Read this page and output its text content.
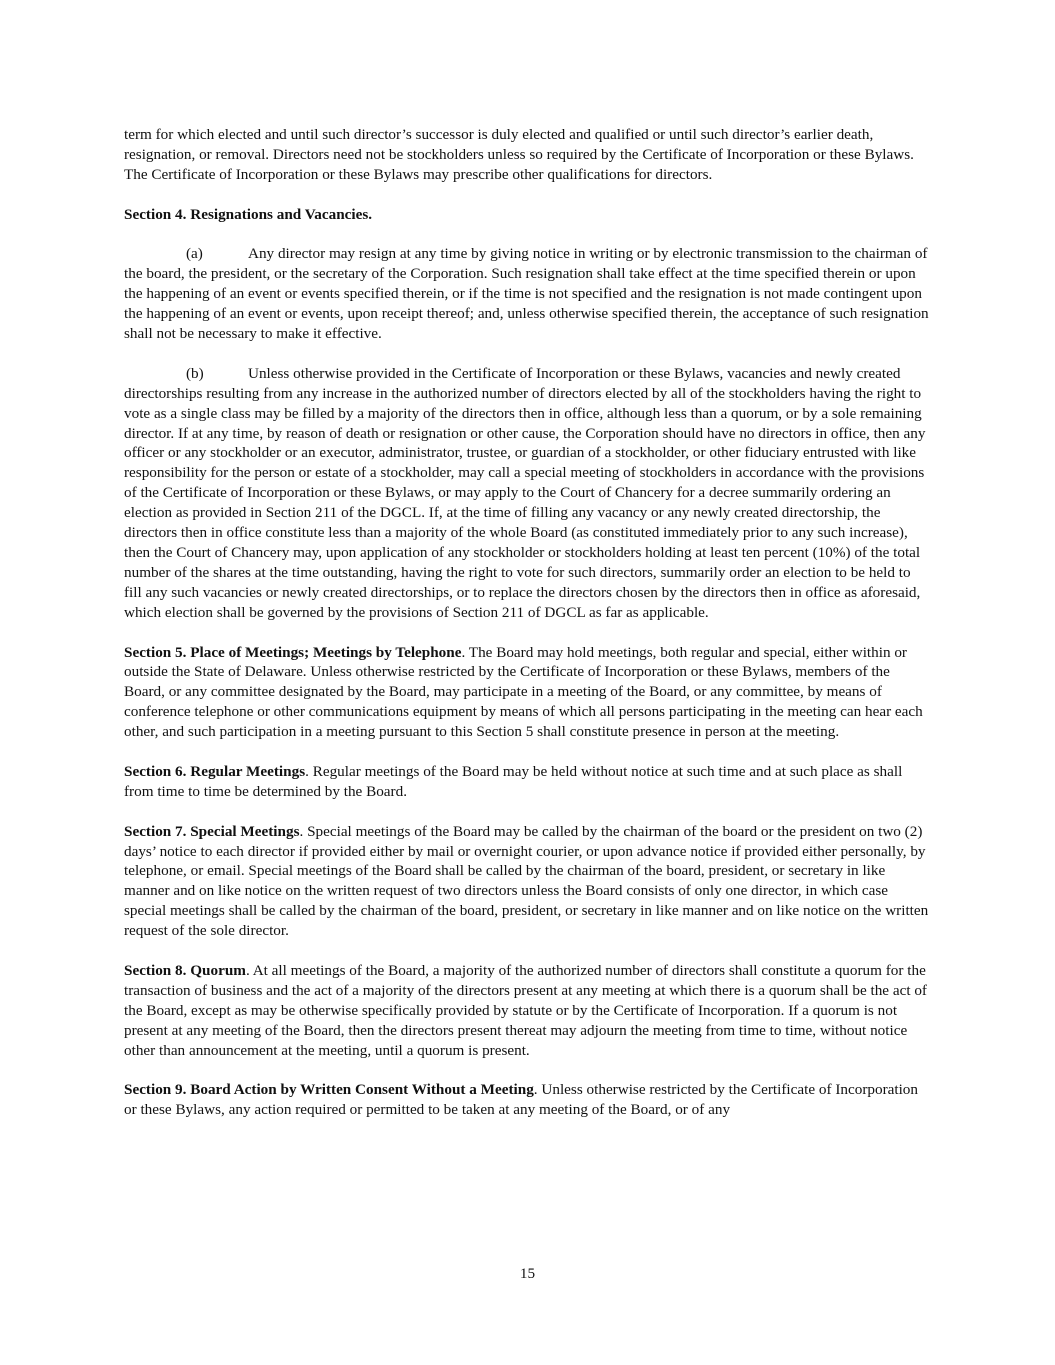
term for which elected and until such director’s successor is duly elected and qualified or until such director’s earlier death, resignation, or removal. Directors need not be stockholders unless so required by the Certificate of Incorporation or these Bylaws. The Certificate of Incorporation or these Bylaws may prescribe other qualifications for directors.

Section 4. Resignations and Vacancies.

(a)	Any director may resign at any time by giving notice in writing or by electronic transmission to the chairman of the board, the president, or the secretary of the Corporation. Such resignation shall take effect at the time specified therein or upon the happening of an event or events specified therein, or if the time is not specified and the resignation is not made contingent upon the happening of an event or events, upon receipt thereof; and, unless otherwise specified therein, the acceptance of such resignation shall not be necessary to make it effective.

(b)	Unless otherwise provided in the Certificate of Incorporation or these Bylaws, vacancies and newly created directorships resulting from any increase in the authorized number of directors elected by all of the stockholders having the right to vote as a single class may be filled by a majority of the directors then in office, although less than a quorum, or by a sole remaining director. If at any time, by reason of death or resignation or other cause, the Corporation should have no directors in office, then any officer or any stockholder or an executor, administrator, trustee, or guardian of a stockholder, or other fiduciary entrusted with like responsibility for the person or estate of a stockholder, may call a special meeting of stockholders in accordance with the provisions of the Certificate of Incorporation or these Bylaws, or may apply to the Court of Chancery for a decree summarily ordering an election as provided in Section 211 of the DGCL. If, at the time of filling any vacancy or any newly created directorship, the directors then in office constitute less than a majority of the whole Board (as constituted immediately prior to any such increase), then the Court of Chancery may, upon application of any stockholder or stockholders holding at least ten percent (10%) of the total number of the shares at the time outstanding, having the right to vote for such directors, summarily order an election to be held to fill any such vacancies or newly created directorships, or to replace the directors chosen by the directors then in office as aforesaid, which election shall be governed by the provisions of Section 211 of DGCL as far as applicable.

Section 5. Place of Meetings; Meetings by Telephone. The Board may hold meetings, both regular and special, either within or outside the State of Delaware. Unless otherwise restricted by the Certificate of Incorporation or these Bylaws, members of the Board, or any committee designated by the Board, may participate in a meeting of the Board, or any committee, by means of conference telephone or other communications equipment by means of which all persons participating in the meeting can hear each other, and such participation in a meeting pursuant to this Section 5 shall constitute presence in person at the meeting.

Section 6. Regular Meetings. Regular meetings of the Board may be held without notice at such time and at such place as shall from time to time be determined by the Board.

Section 7. Special Meetings. Special meetings of the Board may be called by the chairman of the board or the president on two (2) days’ notice to each director if provided either by mail or overnight courier, or upon advance notice if provided either personally, by telephone, or email. Special meetings of the Board shall be called by the chairman of the board, president, or secretary in like manner and on like notice on the written request of two directors unless the Board consists of only one director, in which case special meetings shall be called by the chairman of the board, president, or secretary in like manner and on like notice on the written request of the sole director.

Section 8. Quorum. At all meetings of the Board, a majority of the authorized number of directors shall constitute a quorum for the transaction of business and the act of a majority of the directors present at any meeting at which there is a quorum shall be the act of the Board, except as may be otherwise specifically provided by statute or by the Certificate of Incorporation. If a quorum is not present at any meeting of the Board, then the directors present thereat may adjourn the meeting from time to time, without notice other than announcement at the meeting, until a quorum is present.

Section 9. Board Action by Written Consent Without a Meeting. Unless otherwise restricted by the Certificate of Incorporation or these Bylaws, any action required or permitted to be taken at any meeting of the Board, or of any

15
